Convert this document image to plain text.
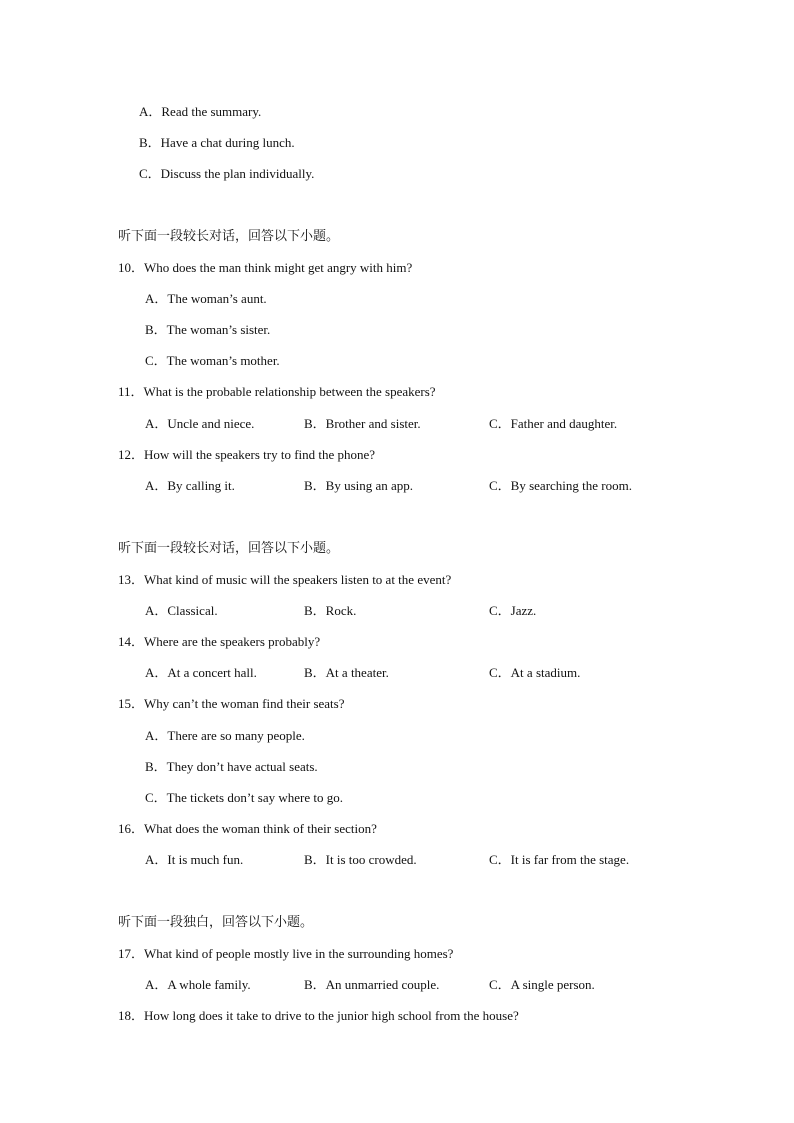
A．Read the summary.
B．Have a chat during lunch.
C．Discuss the plan individually.
听下面一段较长对话，回答以下小题。
10．Who does the man think might get angry with him?
A．The woman’s aunt.
B．The woman’s sister.
C．The woman’s mother.
11．What is the probable relationship between the speakers?
A．Uncle and niece.	B．Brother and sister.	C．Father and daughter.
12．How will the speakers try to find the phone?
A．By calling it.	B．By using an app.	C．By searching the room.
听下面一段较长对话，回答以下小题。
13．What kind of music will the speakers listen to at the event?
A．Classical.	B．Rock.	C．Jazz.
14．Where are the speakers probably?
A．At a concert hall.	B．At a theater.	C．At a stadium.
15．Why can’t the woman find their seats?
A．There are so many people.
B．They don’t have actual seats.
C．The tickets don’t say where to go.
16．What does the woman think of their section?
A．It is much fun.	B．It is too crowded.	C．It is far from the stage.
听下面一段独白，回答以下小题。
17．What kind of people mostly live in the surrounding homes?
A．A whole family.	B．An unmarried couple.	C．A single person.
18．How long does it take to drive to the junior high school from the house?
